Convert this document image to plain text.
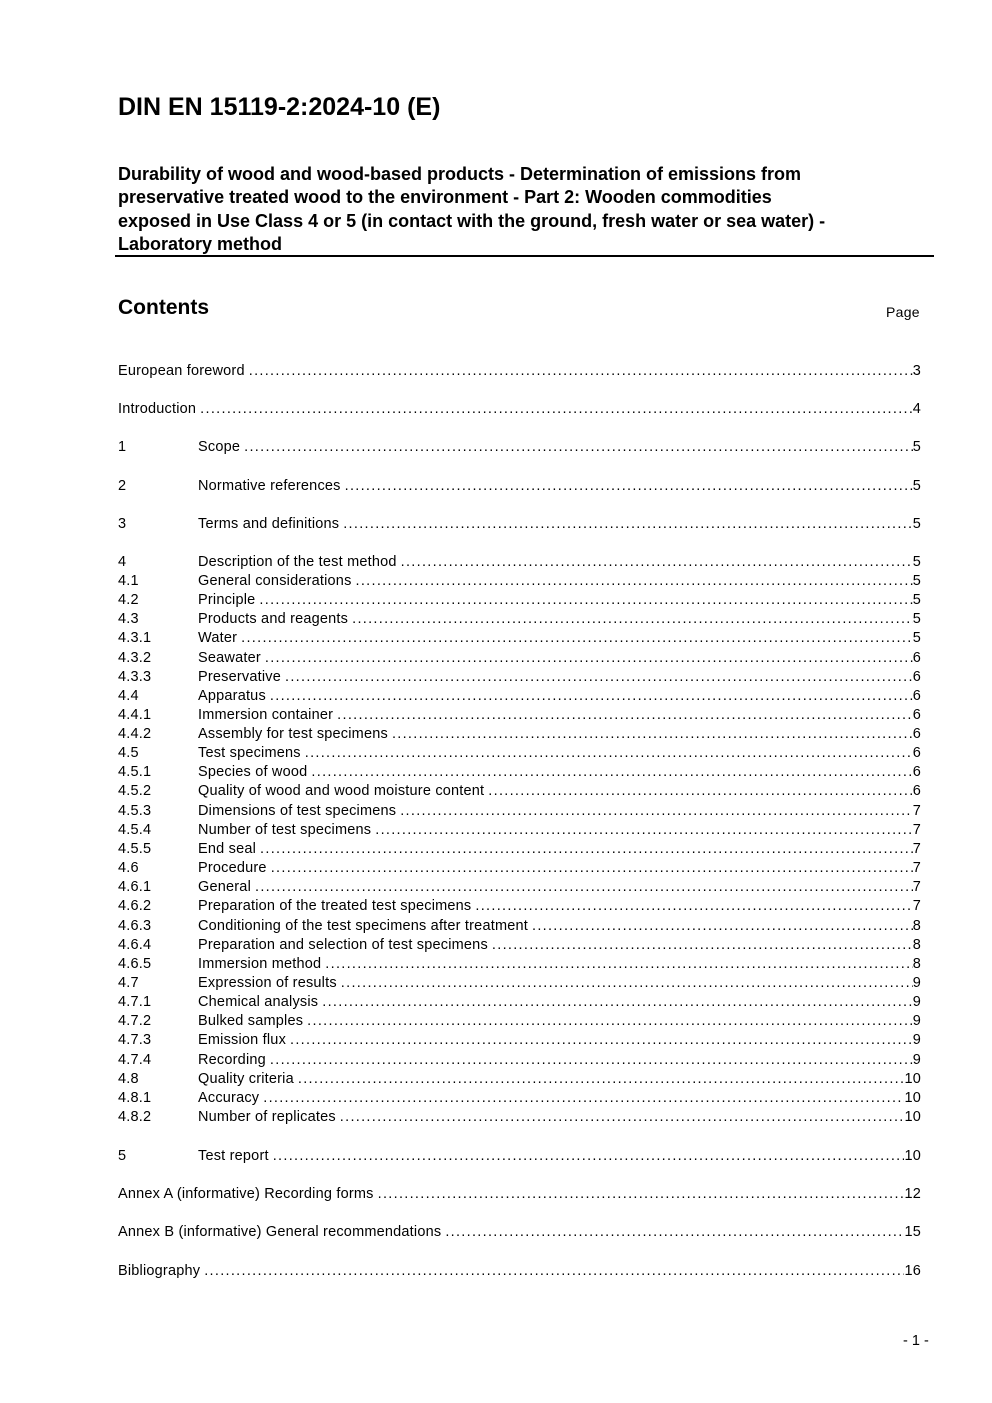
DIN EN 15119-2:2024-10 (E)
Durability of wood and wood-based products - Determination of emissions from
preservative treated wood to the environment - Part 2: Wooden commodities
exposed in Use Class 4 or 5 (in contact with the ground, fresh water or sea water) -
Laboratory method
Contents	Page
European foreword .....	3
Introduction .....	4
1	Scope .....	5
2	Normative references .....	5
3	Terms and definitions .....	5
4	Description of the test method .....	5
4.1	General considerations .....	5
4.2	Principle .....	5
4.3	Products and reagents .....	5
4.3.1	Water .....	5
4.3.2	Seawater .....	6
4.3.3	Preservative .....	6
4.4	Apparatus .....	6
4.4.1	Immersion container .....	6
4.4.2	Assembly for test specimens .....	6
4.5	Test specimens .....	6
4.5.1	Species of wood .....	6
4.5.2	Quality of wood and wood moisture content .....	6
4.5.3	Dimensions of test specimens .....	7
4.5.4	Number of test specimens .....	7
4.5.5	End seal .....	7
4.6	Procedure .....	7
4.6.1	General .....	7
4.6.2	Preparation of the treated test specimens .....	7
4.6.3	Conditioning of the test specimens after treatment .....	8
4.6.4	Preparation and selection of test specimens .....	8
4.6.5	Immersion method .....	8
4.7	Expression of results .....	9
4.7.1	Chemical analysis .....	9
4.7.2	Bulked samples .....	9
4.7.3	Emission flux .....	9
4.7.4	Recording .....	9
4.8	Quality criteria .....	10
4.8.1	Accuracy .....	10
4.8.2	Number of replicates .....	10
5	Test report .....	10
Annex A (informative) Recording forms .....	12
Annex B (informative) General recommendations .....	15
Bibliography .....	16
- 1 -
